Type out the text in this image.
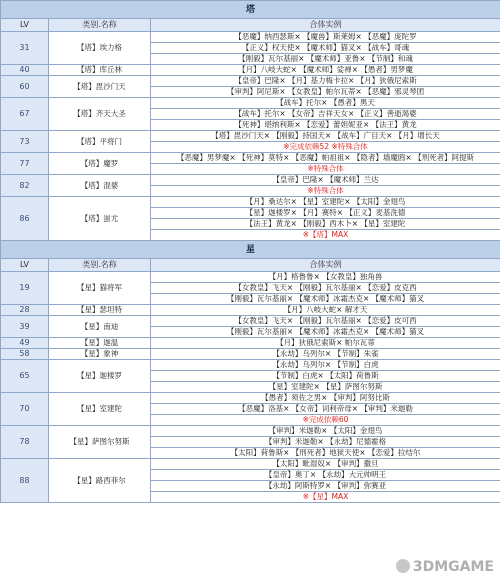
塔		
LV	类别.名称	合体实例
31	【塔】埃力格	【恶魔】纳西瑟斯× 【魔兽】斯莱姆× 【恶魔】庞陀罗
		【正义】权天使× 【魔术师】猫叉× 【战车】哥魂
		【刚毅】瓦尔基丽× 【魔术师】亚鲁× 【节制】和魂
40	【塔】库丘林	【月】八岐大蛇× 【魔术师】娑禅× 【愚者】男梦魔
60	【塔】毘沙门天	【皇帝】巴隆× 【月】基力梅卡拉× 【月】狄俄尼索斯
		【审判】阿尼斯× 【女教皇】帕尔瓦蒂× 【恶魔】邪灵琴团
67	【塔】齐天大圣	【战车】托尔× 【愚者】黑天
		【战车】托尔× 【女帝】吉祥天女× 【正义】善逝渴婆
		【死神】堪纳利斯× 【恋爱】蕾妲妮亚× 【法王】黄龙
73	【塔】平将门	【塔】毘沙门天× 【刚毅】持国天× 【战车】广目天× 【月】增长天
		※完成依赖52 ※特殊合体
77	【塔】魔罗	【恶魔】男梦魔× 【死神】莫特× 【恶魔】帕祖祖× 【隐者】墙魔鸥× 【刑死者】阿提斯
		※特殊合体
82	【塔】混婆	【皇帝】巴隆× 【魔术师】兰达
		※特殊合体
86	【塔】蚩尤	【月】桑达尔× 【星】室建陀× 【太阳】金翅鸟
		【星】迦楼罗× 【月】赛特× 【正义】麦基洗德
		【法王】黄龙× 【刚毅】西木卜× 【星】室建陀
		※【塔】MAX
星		
LV	类别.名称	合体实例
19	【星】猫将军	【月】格鲁鲁× 【女教皇】独角兽
		【女教皇】飞天× 【刚毅】瓦尔基丽× 【恋爱】皮克西
		【刚毅】瓦尔基丽× 【魔术师】冰霜杰克× 【魔术师】猫叉
28	【星】瑟坦特	【月】八岐大蛇× 解才天
39	【星】南迪	【女教皇】飞天× 【刚毅】瓦尔基丽× 【恋爱】皮可西
		【刚毅】瓦尔基丽× 【魔术师】冰霜杰克× 【魔术师】猫叉
49	【星】迦温	【月】狄俄尼索斯× 帕尔瓦蒂
58	【星】象神	【永劫】乌列尔× 【节制】朱雀
65	【星】迦楼罗	【永劫】乌列尔× 【节制】白虎
		【节制】白虎× 【太阳】荷鲁斯
		【星】室建陀× 【星】萨图尔努斯
70	【星】室建陀	【愚者】须佐之男× 【审判】阿努比斯
		【恶魔】洛基× 【女帝】词利帝母× 【审判】米迦勒
		※完成依赖60
78	【星】萨图尔努斯	【审判】米迦勒× 【太阳】金翅鸟
		【审判】米迦勒× 【永劫】尼德霍格
		【太阳】荷鲁斯× 【刑死者】地狱天使× 【恋爱】拉结尔
88	【星】路西菲尔	【太阳】毗湿奴× 【审判】撒旦
		【皇帝】奥丁× 【永劫】大元帅明王
		【永劫】阿斯特罗× 【审判】弥赛亚
		※【星】MAX
3DMGAME
